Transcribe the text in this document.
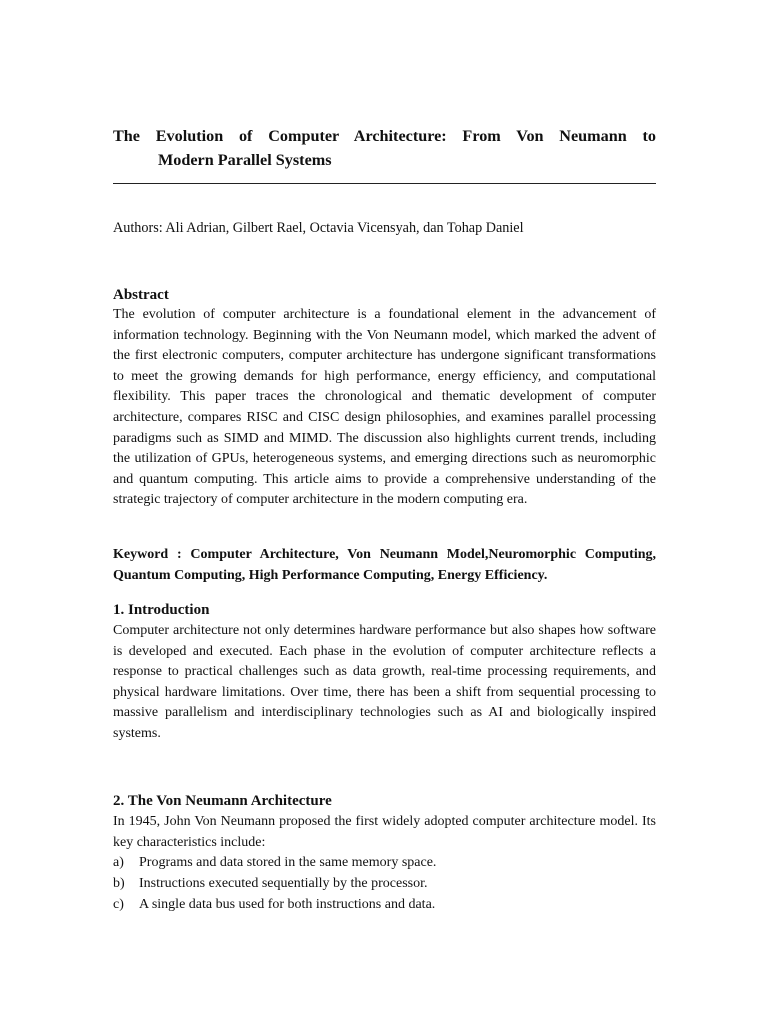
The Evolution of Computer Architecture: From Von Neumann to
Modern Parallel Systems
Authors: Ali Adrian, Gilbert Rael, Octavia Vicensyah, dan Tohap Daniel
Abstract
The evolution of computer architecture is a foundational element in the advancement of information technology. Beginning with the Von Neumann model, which marked the advent of the first electronic computers, computer architecture has undergone significant transformations to meet the growing demands for high performance, energy efficiency, and computational flexibility. This paper traces the chronological and thematic development of computer architecture, compares RISC and CISC design philosophies, and examines parallel processing paradigms such as SIMD and MIMD. The discussion also highlights current trends, including the utilization of GPUs, heterogeneous systems, and emerging directions such as neuromorphic and quantum computing. This article aims to provide a comprehensive understanding of the strategic trajectory of computer architecture in the modern computing era.
Keyword : Computer Architecture, Von Neumann Model,Neuromorphic Computing,
Quantum Computing, High Performance Computing, Energy Efficiency.
1. Introduction
Computer architecture not only determines hardware performance but also shapes how software is developed and executed. Each phase in the evolution of computer architecture reflects a response to practical challenges such as data growth, real-time processing requirements, and physical hardware limitations. Over time, there has been a shift from sequential processing to massive parallelism and interdisciplinary technologies such as AI and biologically inspired systems.
2. The Von Neumann Architecture
In 1945, John Von Neumann proposed the first widely adopted computer architecture model. Its key characteristics include:
a) Programs and data stored in the same memory space.
b) Instructions executed sequentially by the processor.
c) A single data bus used for both instructions and data.
